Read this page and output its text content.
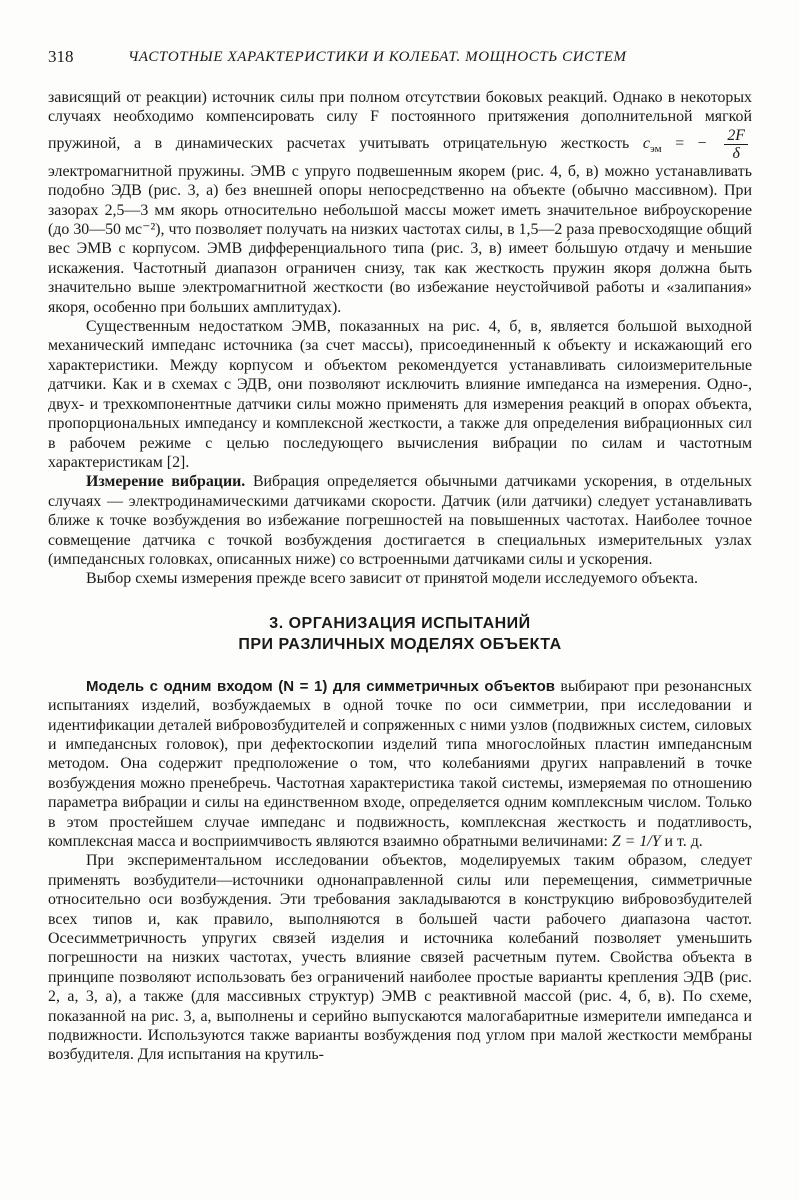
318	ЧАСТОТНЫЕ ХАРАКТЕРИСТИКИ И КОЛЕБАТ. МОЩНОСТЬ СИСТЕМ

зависящий от реакции) источник силы при полном отсутствии боковых реакций. Однако в некоторых случаях необходимо компенсировать силу F постоянного притяжения дополнительной мягкой пружиной, а в динамических расчетах учитывать отрицательную жесткость $c_{эм}$ = − $\frac{2F}{\delta}$
электромагнитной пружины. ЭМВ с упруго подвешенным якорем (рис. 4, б, в) можно устанавливать подобно ЭДВ (рис. 3, а) без внешней опоры непосредственно на объекте (обычно массивном). При зазорах 2,5—3 мм якорь относительно небольшой массы может иметь значительное виброускорение (до 30—50 мс⁻²), что позволяет получать на низких частотах силы, в 1,5—2 раза превосходящие общий вес ЭМВ с корпусом. ЭМВ дифференциального типа (рис. 3, в) имеет бо́льшую отдачу и меньшие искажения. Частотный диапазон ограничен снизу, так как жесткость пружин якоря должна быть значительно выше электромагнитной жесткости (во избежание неустойчивой работы и «залипания» якоря, особенно при больших амплитудах).

Существенным недостатком ЭМВ, показанных на рис. 4, б, в, является большой выходной механический импеданс источника (за счет массы), присоединенный к объекту и искажающий его характеристики. Между корпусом и объектом рекомендуется устанавливать силоизмерительные датчики. Как и в схемах с ЭДВ, они позволяют исключить влияние импеданса на измерения. Одно-, двух- и трехкомпонентные датчики силы можно применять для измерения реакций в опорах объекта, пропорциональных импедансу и комплексной жесткости, а также для определения вибрационных сил в рабочем режиме с целью последующего вычисления вибрации по силам и частотным характеристикам [2].

Измерение вибрации. Вибрация определяется обычными датчиками ускорения, в отдельных случаях — электродинамическими датчиками скорости. Датчик (или датчики) следует устанавливать ближе к точке возбуждения во избежание погрешностей на повышенных частотах. Наиболее точное совмещение датчика с точкой возбуждения достигается в специальных измерительных узлах (импедансных головках, описанных ниже) со встроенными датчиками силы и ускорения.

Выбор схемы измерения прежде всего зависит от принятой модели исследуемого объекта.

3. ОРГАНИЗАЦИЯ ИСПЫТАНИЙ
ПРИ РАЗЛИЧНЫХ МОДЕЛЯХ ОБЪЕКТА

Модель с одним входом (N = 1) для симметричных объектов выбирают при резонансных испытаниях изделий, возбуждаемых в одной точке по оси симметрии, при исследовании и идентификации деталей вибровозбудителей и сопряженных с ними узлов (подвижных систем, силовых и импедансных головок), при дефектоскопии изделий типа многослойных пластин импедансным методом. Она содержит предположение о том, что колебаниями других направлений в точке возбуждения можно пренебречь. Частотная характеристика такой системы, измеряемая по отношению параметра вибрации и силы на единственном входе, определяется одним комплексным числом. Только в этом простейшем случае импеданс и подвижность, комплексная жесткость и податливость, комплексная масса и восприимчивость являются взаимно обратными величинами: Z = 1/Y и т. д.

При экспериментальном исследовании объектов, моделируемых таким образом, следует применять возбудители—источники однонаправленной силы или перемещения, симметричные относительно оси возбуждения. Эти требования закладываются в конструкцию вибровозбудителей всех типов и, как правило, выполняются в большей части рабочего диапазона частот. Осесимметричность упругих связей изделия и источника колебаний позволяет уменьшить погрешности на низких частотах, учесть влияние связей расчетным путем. Свойства объекта в принципе позволяют использовать без ограничений наиболее простые варианты крепления ЭДВ (рис. 2, а, 3, а), а также (для массивных структур) ЭМВ с реактивной массой (рис. 4, б, в). По схеме, показанной на рис. 3, а, выполнены и серийно выпускаются малогабаритные измерители импеданса и подвижности. Используются также варианты возбуждения под углом при малой жесткости мембраны возбудителя. Для испытания на крутиль-
